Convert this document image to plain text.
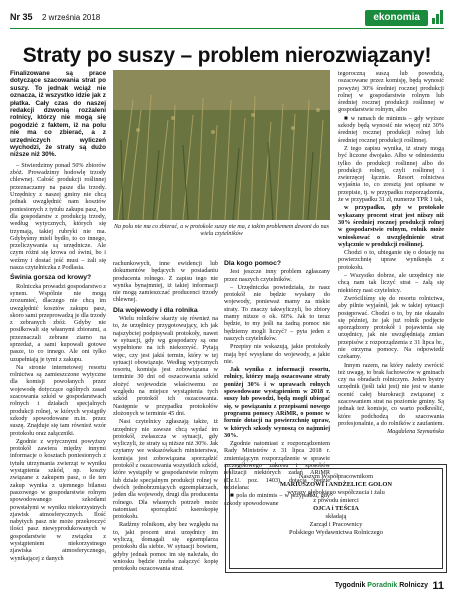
Nr 35 2 września 2018	ekonomia
Straty po suszy – problem nierozwiązany!

Finalizowane są prace dotyczące szacowania strat po suszy. To jednak wciąż nie oznacza, iż wszystko idzie jak z płatka. Cały czas do naszej redakcji dzwonią rozżaleni rolnicy, którzy nie mogą się pogodzić z faktem, iż na polu nie ma co zbierać, a z urzędniczych wyliczeń wychodzi, że straty są dużo niższe niż 30%.

– Stwierdzimy ponad 50% zbiorów zbóż. Prowadzimy hodowlę trzody chlewnej. Całość produkcji roślinnej przeznaczamy na pasze dla trzody. Urzędnicy z naszej gminy nie chcą jednak uwzględnić nam kosztów poniesionych z tytułu zakupu pasz, bo dla gospodarstw z produkcją trzody, według wytycznych, których się trzymają, takiej rubryki nie ma. Gdybyśmy mieli bydło, to co innego, przeliczywania są urzędnicze. Ale czym różni się krowa od świni, bo i weźmy i dostać jeść musi – żali się nasza czytelniczka z Podlasia.

Świnia gorsza od krowy?

Rolniczka prowadzi gospodarstwo z synem. Wspólnie nie mogą zrozumieć, dlaczego nie chcą im uwzględnić kosztów zakupu pasz, skoro sami przeprowadzą je dla trzody z zebranych zbóż. Gdyby nie posiłkowali się własnymi zbiorami, a przeznaczali zebrane ziarno na sprzedaż, a sami kupowali gotowe pasze, to co innego. Ale oni tylko uzupełniają je tymi z zakupu.

Na stronie internetowej resortu rolnictwa są zamieszczone wytyczne dla komisji powołanych przez wojewodę dotyczące ogólnych zasad szacowania szkód w gospodarstwach rolnych i działach specjalnych produkcji rolnej, w których wystąpiły szkody spowodowane m.in. przez suszę. Znajduje się tam również wzór protokołu oraz załączniki.

Zgodnie z wytycznymi powyższy protokół zawiera między innymi informacje o kosztach poniesionych z tytułu utrzymania zwierząt w wyniku wystąpienia szkód, np. koszty związane z zakupem pasz, o ile ten zakup wynika z ujemnego bilansu paszowego w gospodarstwie rolnym spowodowanego szkodami powstałymi w wyniku niekorzystnych zjawisk atmosferycznych. Ilość nabytych pasz nie może przekroczyć ilości pasz niewyprodukowanych w gospodarstwie w związku z wystąpieniem niekorzystnego zjawiska atmosferycznego, wynikającej z danych

Na polu nie ma co zbierać, a w protokole suszy nie ma, z takim problemem dzwoni do nas wielu czytelników

rachunkowych, inne ewidencji lub dokumentów będących w posiadaniu producenta rolnego. Z zapisu tego nie wynika bynajmniej, iż takiej informacji nie mogą zamieszczać producenci trzody chlewnej.

Dla wojewody i dla rolnika

Wielu rolników skarży się również na to, że urzędnicy przygotowujący, ich jak najszybciej podpisywali protokoły, nawet w sytuacji, gdy wg gospodarzy są one wypełnione na ich niekorzyść. Pytają więc, czy jest jakiś termin, który w tej sytuacji obowiązuje. Według wytycznych resortu, komisja jest zobowiązana w terminie 30 dni od oszacowania szkód złożyć wojewodzie właściwemu ze względu na miejsce wystąpienia tych szkód protokół ich oszacowania. Następnie w przypadku protokołów złożonych w terminie 45 dni.

Nasi czytelnicy zgłaszają także, iż urzędnicy nie zawsze chcą wydać im protokół, zwłaszcza w sytuacji, gdy wyliczyli, że straty są niższe niż 30%. Jak czytamy we wskazówkach ministerstwa, komisja jest zobowiązana sporządzić protokół z oszacowania wszystkich szkód, które wystąpiły w gospodarstwie rolnym lub dziale specjalnym produkcji rolnej w dwóch jednobrzmiących egzemplarzach, jeden dla wojewody, drugi dla producenta rolnego. Dla własnych potrzeb może natomiast sporządzić kserokopię protokołu.

Radźmy rolnikom, aby bez względu na to, jaki procent strat urzędnicy im wyliczą, domagali się egzemplarza protokołu dla siebie. W sytuacji bowiem, gdyby jednak pomoc im się należała, do wniosku będzie trzeba załączyć kopię protokołu oszacowania strat.

Dla kogo pomoc?

Jest jeszcze inny problem zgłaszany przez naszych czytelników.

– Urzędniczka powiedziała, że nasz protokół nie będzie wysłany do wojewody, ponieważ mamy za niskie straty. To znaczy takwyliczyli, bo zbiory mamy niższe o ok. 60%. Jak to teraz będzie, to my jeśli na żadną pomoc nie będziemy mogli liczyć? – pyta jeden z naszych czytelników.

Przepisy nie wskazują, jakie protokoły mają być wysyłane do wojewody, a jakie nie.

Jak wynika z informacji resortu, rolnicy, którzy mają oszacowane straty poniżej 30% i w uprawach rolnych spowodowane wystąpieniem w 2018 r. suszy lub powodzi, będą mogli ubiegać się, w powiązaniu z przepisami nowego programu pomocy ARiMR, o pomoc w formie dotacji na powierzchnię upraw, w których szkody wynoszą co najmniej 30%.

Zgodnie natomiast z rozporządzeniem Rady Ministrów z 31 lipca 2018 r. zmieniającym rozporządzenie w sprawie szczegółowego zakresu i sposobów realizacji niektórych zadań ARiMR (Dz.U. poz. 1403), dotacja będzie udzielana:

■ pola do minimis – w przypadku, gdy szkody spowodowane

tegoroczną suszą lub powodzią, oszacowane przez komisję, będą wynosić powyżej 30% średniej rocznej produkcji rolnej w gospodarstwie rolnym lub średniej rocznej produkcji roślinnej w gospodarstwie rolnym, albo

■ w ramach de minimis – gdy wyższe szkody będą wynosić nie więcej niż 30% średniej rocznej produkcji rolnej lub średniej rocznej produkcji roślinnej.

Z tego zapisu wynika, iż straty mogą być liczone dwojako. Albo w odniesieniu tylko do produkcji roślinnej albo do produkcji rolnej, czyli roślinnej i zwierzęcej łącznie. Resort rolnictwa wyjaśnia to, co zresztą jest opisane w przepisie, tj. w przypadku rozporządzenia, że w przypadku 31 zł, numerze TPR 1 tak,

w przypadku, gdy w protokole wykazany procent strat jest niższy niż 30% średniej rocznej produkcji rolnej w gospodarstwie rolnym, rolnik może wnioskować o uwzględnienie strat wyłącznie w produkcji roślinnej.

Chodzi o to, ubieganie się o dotację na powierzchnię upraw wyniknęła z protokołu.

– Wszystko dobrze, ale urzędnicy nie chcą nam tak liczyć strat – żalą się niektórzy nasi czytelnicy.

Zwróciliśmy się do resortu rolnictwa, aby pilnie wyjaśnił, jak w takiej sytuacji postępować. Chodzi o to, by nie okazało się później, że jak już rolnik podjęcie sporządzony protokół i pojawienia się urzędnicy, jak nie uwzględniają zmian przepisów z rozporządzenia z 31 lipca br., nie otrzyma pomocy. Na odpowiedź czekamy.

Innym razem, na który należy zwrócić też uwagę, to brak fachowców w gminach czy na obradach rolniczym. Jeden bystry urzędnik (jeśli taki jest) nie jest w stanie ocenić całej biurokracji związanej z szacowaniem strat na poziomie gminy. Są jednak też komisje, co warto podkreślić, które podchodzą do szacowania profesjonalnie, a do rolników z zaufaniem.

Magdalena Szymańska

Naszym Współpracownikom
MARIUSZOWI i ANDŻELICE GOLON
wyrazy głębokiego współczucia i żalu
z powodu śmierci
OJCA i TEŚCIA
składają
Zarząd i Pracownicy
Polskiego Wydawnictwa Rolniczego
Tygodnik Poradnik Rolniczy 11
